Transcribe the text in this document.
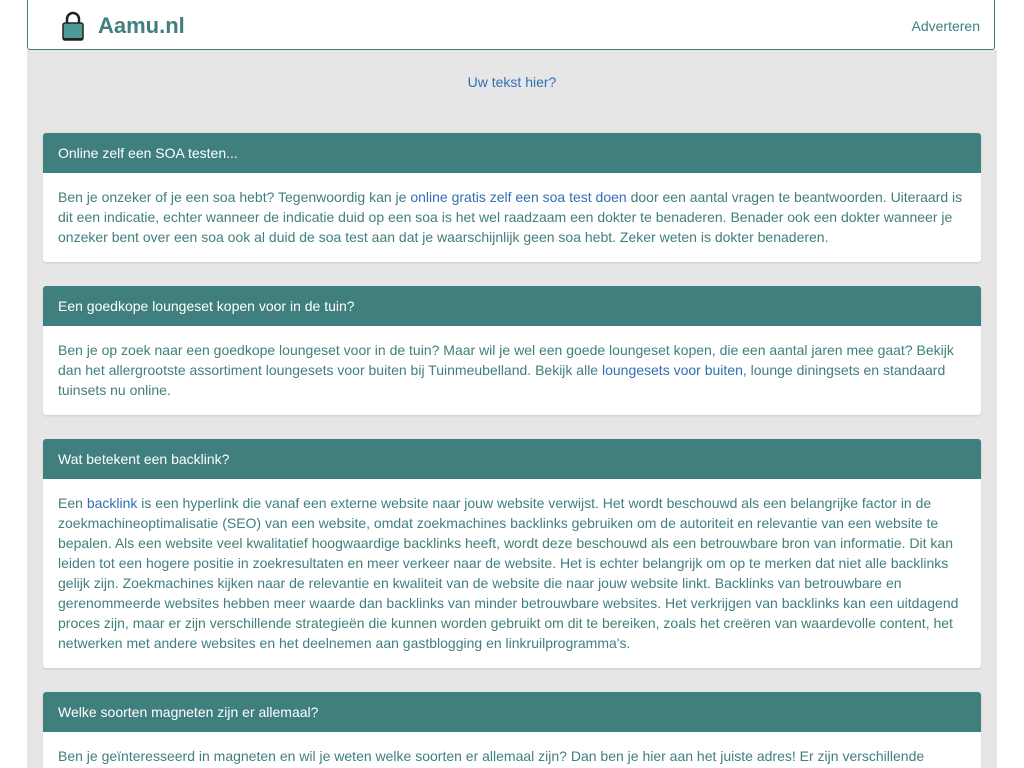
Aamu.nl	Adverteren
Uw tekst hier?
Online zelf een SOA testen...
Ben je onzeker of je een soa hebt? Tegenwoordig kan je online gratis zelf een soa test doen door een aantal vragen te beantwoorden. Uiteraard is dit een indicatie, echter wanneer de indicatie duid op een soa is het wel raadzaam een dokter te benaderen. Benader ook een dokter wanneer je onzeker bent over een soa ook al duid de soa test aan dat je waarschijnlijk geen soa hebt. Zeker weten is dokter benaderen.
Een goedkope loungeset kopen voor in de tuin?
Ben je op zoek naar een goedkope loungeset voor in de tuin? Maar wil je wel een goede loungeset kopen, die een aantal jaren mee gaat? Bekijk dan het allergrootste assortiment loungesets voor buiten bij Tuinmeubelland. Bekijk alle loungesets voor buiten, lounge diningsets en standaard tuinsets nu online.
Wat betekent een backlink?
Een backlink is een hyperlink die vanaf een externe website naar jouw website verwijst. Het wordt beschouwd als een belangrijke factor in de zoekmachineoptimalisatie (SEO) van een website, omdat zoekmachines backlinks gebruiken om de autoriteit en relevantie van een website te bepalen. Als een website veel kwalitatief hoogwaardige backlinks heeft, wordt deze beschouwd als een betrouwbare bron van informatie. Dit kan leiden tot een hogere positie in zoekresultaten en meer verkeer naar de website. Het is echter belangrijk om op te merken dat niet alle backlinks gelijk zijn. Zoekmachines kijken naar de relevantie en kwaliteit van de website die naar jouw website linkt. Backlinks van betrouwbare en gerenommeerde websites hebben meer waarde dan backlinks van minder betrouwbare websites. Het verkrijgen van backlinks kan een uitdagend proces zijn, maar er zijn verschillende strategieën die kunnen worden gebruikt om dit te bereiken, zoals het creëren van waardevolle content, het netwerken met andere websites en het deelnemen aan gastblogging en linkruilprogramma's.
Welke soorten magneten zijn er allemaal?
Ben je geïnteresseerd in magneten en wil je weten welke soorten er allemaal zijn? Dan ben je hier aan het juiste adres! Er zijn verschillende
